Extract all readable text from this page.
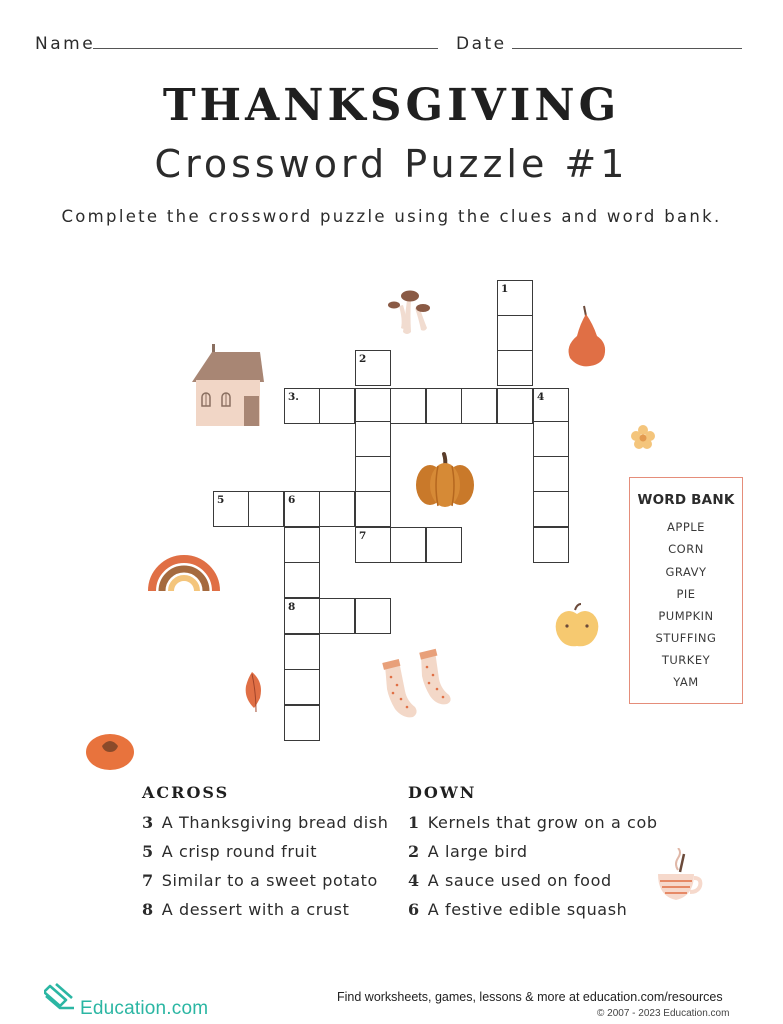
Name	Date
THANKSGIVING
Crossword Puzzle #1
Complete the crossword puzzle using the clues and word bank.
1
2
3.	4
5	6
7
8
WORD BANK
APPLE
CORN
GRAVY
PIE
PUMPKIN
STUFFING
TURKEY
YAM
ACROSS
3 A Thanksgiving bread dish
5 A crisp round fruit
7 Similar to a sweet potato
8 A dessert with a crust
DOWN
1 Kernels that grow on a cob
2 A large bird
4 A sauce used on food
6 A festive edible squash
Education.com
Find worksheets, games, lessons & more at education.com/resources
© 2007 - 2023 Education.com
